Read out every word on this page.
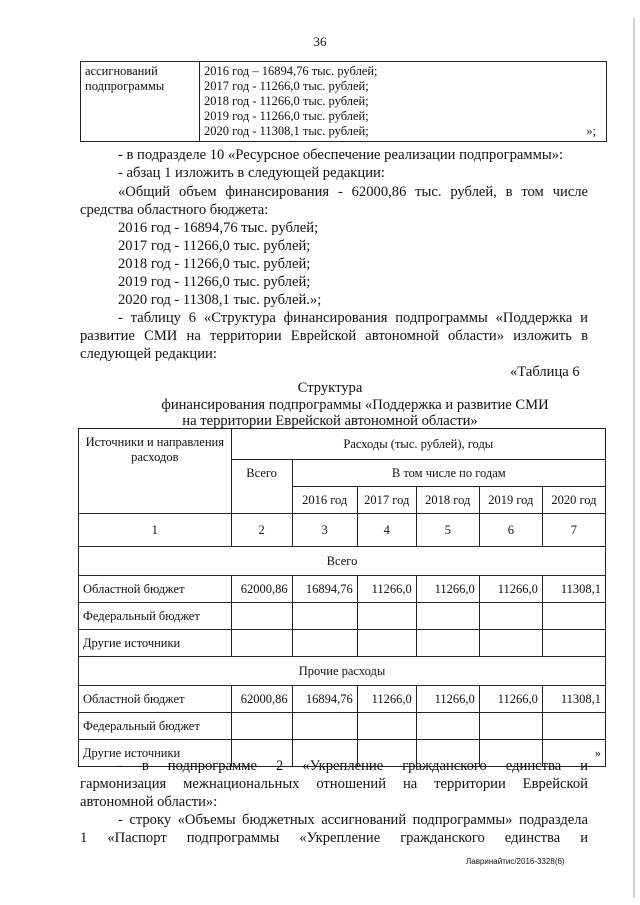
36
ассигнований
подпрограммы

2016 год – 16894,76 тыс. рублей;
2017 год - 11266,0 тыс. рублей;
2018 год - 11266,0 тыс. рублей;
2019 год - 11266,0 тыс. рублей;
2020 год - 11308,1 тыс. рублей;	»;
- в подразделе 10 «Ресурсное обеспечение реализации подпрограммы»:
- абзац 1 изложить в следующей редакции:
«Общий объем финансирования - 62000,86 тыс. рублей, в том числе
средства областного бюджета:
2016 год - 16894,76 тыс. рублей;
2017 год - 11266,0 тыс. рублей;
2018 год - 11266,0 тыс. рублей;
2019 год - 11266,0 тыс. рублей;
2020 год - 11308,1 тыс. рублей.»;
- таблицу 6 «Структура финансирования подпрограммы «Поддержка и
развитие СМИ на территории Еврейской автономной области» изложить в
следующей редакции:
«Таблица 6
Структура
финансирования подпрограммы «Поддержка и развитие СМИ
на территории Еврейской автономной области»
Источники и направления расходов	Расходы (тыс. рублей), годы					
	Всего	В том числе по годам				
		2016 год	2017 год	2018 год	2019 год	2020 год
1	2	3	4	5	6	7
Всего						
Областной бюджет	62000,86	16894,76	11266,0	11266,0	11266,0	11308,1
Федеральный бюджет						
Другие источники						
Прочие расходы						
Областной бюджет	62000,86	16894,76	11266,0	11266,0	11266,0	11308,1
Федеральный бюджет						
Другие источники						»
- в подпрограмме 2 «Укрепление гражданского единства и
гармонизация межнациональных отношений на территории Еврейской
автономной области»:
- строку «Объемы бюджетных ассигнований подпрограммы» подраздела
1 «Паспорт подпрограммы «Укрепление гражданского единства и
Лавринайтис/2016-3328(6)
